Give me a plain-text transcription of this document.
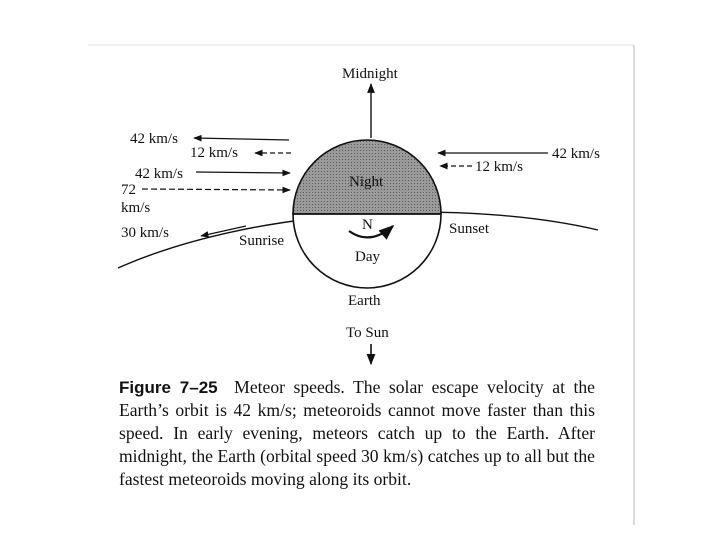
Midnight
Night
N
Day
Earth
To Sun
Sunrise
Sunset
42 km/s
12 km/s
42 km/s
72
km/s
30 km/s
42 km/s
12 km/s
Figure 7–25 Meteor speeds. The solar escape velocity at the Earth’s orbit is 42 km/s; meteoroids cannot move faster than this speed. In early evening, meteors catch up to the Earth. After midnight, the Earth (orbital speed 30 km/s) catches up to all but the fastest meteoroids moving along its orbit.
